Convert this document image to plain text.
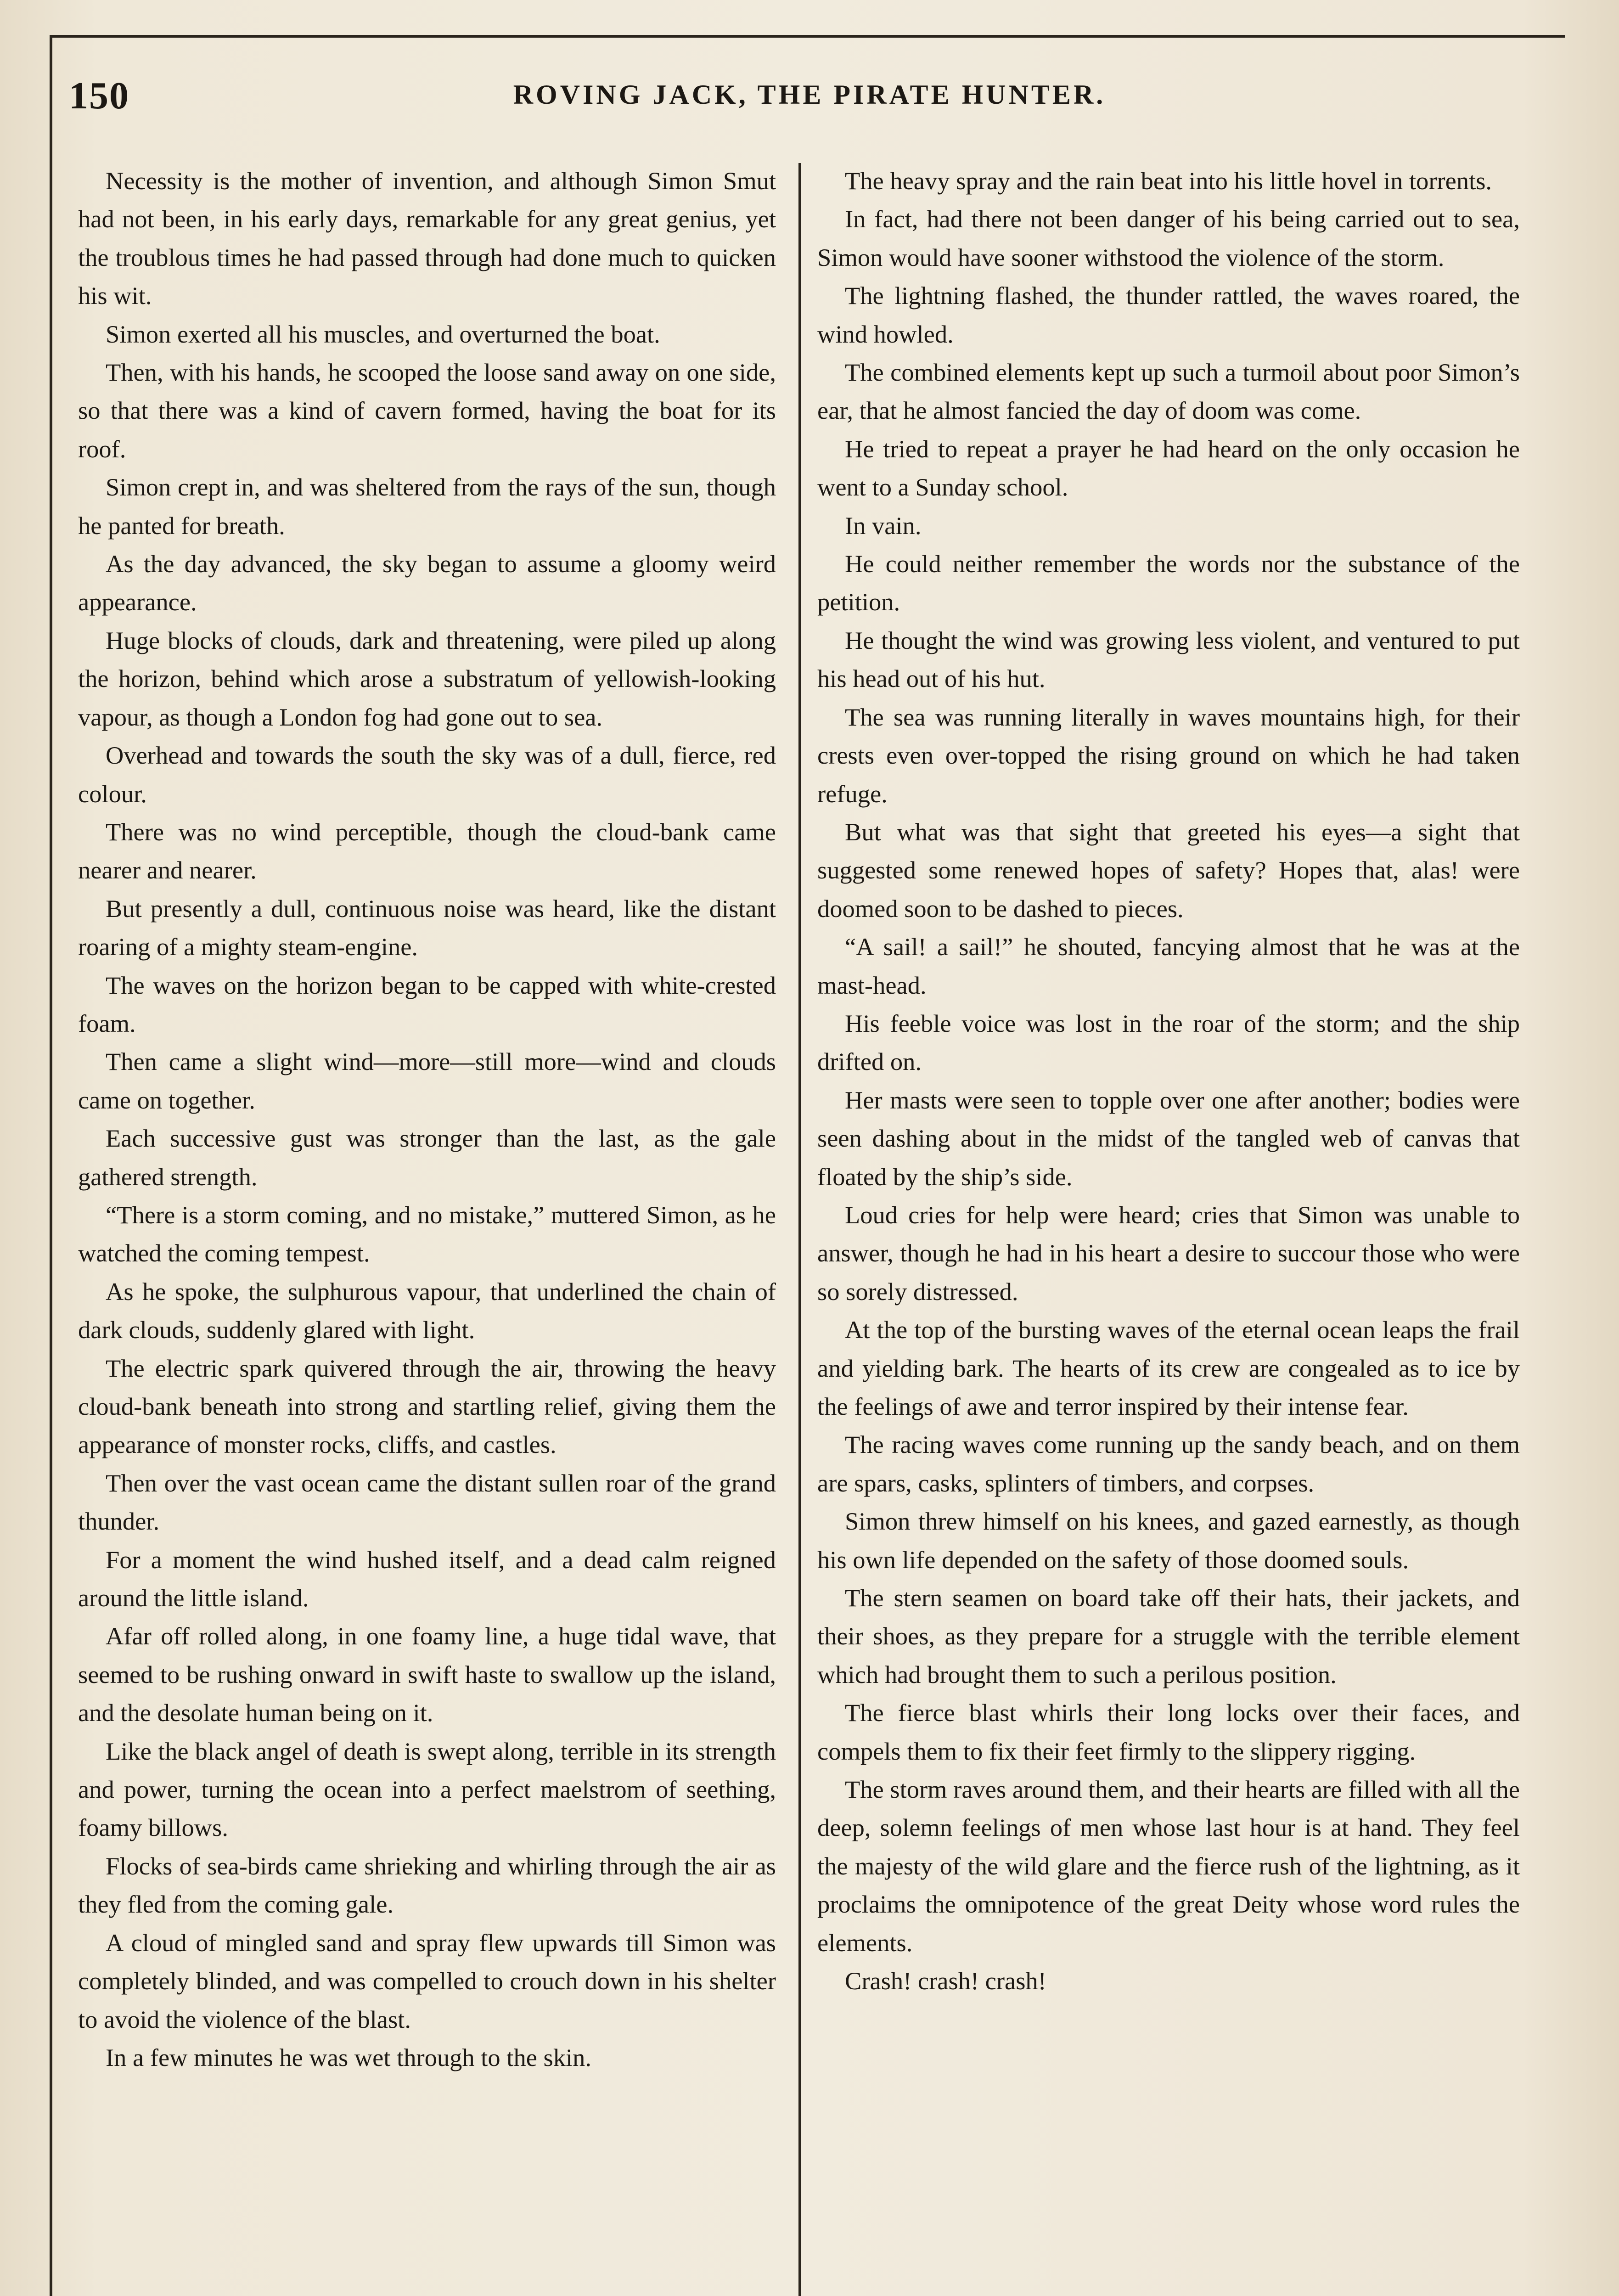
150	ROVING JACK, THE PIRATE HUNTER.

Necessity is the mother of invention, and although Simon Smut had not been, in his early days, remarkable for any great genius, yet the troublous times he had passed through had done much to quicken his wit.

Simon exerted all his muscles, and overturned the boat.

Then, with his hands, he scooped the loose sand away on one side, so that there was a kind of cavern formed, having the boat for its roof.

Simon crept in, and was sheltered from the rays of the sun, though he panted for breath.

As the day advanced, the sky began to assume a gloomy weird appearance.

Huge blocks of clouds, dark and threatening, were piled up along the horizon, behind which arose a substratum of yellowish-looking vapour, as though a London fog had gone out to sea.

Overhead and towards the south the sky was of a dull, fierce, red colour.

There was no wind perceptible, though the cloud-bank came nearer and nearer.

But presently a dull, continuous noise was heard, like the distant roaring of a mighty steam-engine.

The waves on the horizon began to be capped with white-crested foam.

Then came a slight wind—more—still more—wind and clouds came on together.

Each successive gust was stronger than the last, as the gale gathered strength.

“There is a storm coming, and no mistake,” muttered Simon, as he watched the coming tempest.

As he spoke, the sulphurous vapour, that underlined the chain of dark clouds, suddenly glared with light.

The electric spark quivered through the air, throwing the heavy cloud-bank beneath into strong and startling relief, giving them the appearance of monster rocks, cliffs, and castles.

Then over the vast ocean came the distant sullen roar of the grand thunder.

For a moment the wind hushed itself, and a dead calm reigned around the little island.

Afar off rolled along, in one foamy line, a huge tidal wave, that seemed to be rushing onward in swift haste to swallow up the island, and the desolate human being on it.

Like the black angel of death is swept along, terrible in its strength and power, turning the ocean into a perfect maelstrom of seething, foamy billows.

Flocks of sea-birds came shrieking and whirling through the air as they fled from the coming gale.

A cloud of mingled sand and spray flew upwards till Simon was completely blinded, and was compelled to crouch down in his shelter to avoid the violence of the blast.

In a few minutes he was wet through to the skin.

The heavy spray and the rain beat into his little hovel in torrents.

In fact, had there not been danger of his being carried out to sea, Simon would have sooner withstood the violence of the storm.

The lightning flashed, the thunder rattled, the waves roared, the wind howled.

The combined elements kept up such a turmoil about poor Simon’s ear, that he almost fancied the day of doom was come.

He tried to repeat a prayer he had heard on the only occasion he went to a Sunday school.

In vain.

He could neither remember the words nor the substance of the petition.

He thought the wind was growing less violent, and ventured to put his head out of his hut.

The sea was running literally in waves mountains high, for their crests even over-topped the rising ground on which he had taken refuge.

But what was that sight that greeted his eyes—a sight that suggested some renewed hopes of safety? Hopes that, alas! were doomed soon to be dashed to pieces.

“A sail! a sail!” he shouted, fancying almost that he was at the mast-head.

His feeble voice was lost in the roar of the storm; and the ship drifted on.

Her masts were seen to topple over one after another; bodies were seen dashing about in the midst of the tangled web of canvas that floated by the ship’s side.

Loud cries for help were heard; cries that Simon was unable to answer, though he had in his heart a desire to succour those who were so sorely distressed.

At the top of the bursting waves of the eternal ocean leaps the frail and yielding bark. The hearts of its crew are congealed as to ice by the feelings of awe and terror inspired by their intense fear.

The racing waves come running up the sandy beach, and on them are spars, casks, splinters of timbers, and corpses.

Simon threw himself on his knees, and gazed earnestly, as though his own life depended on the safety of those doomed souls.

The stern seamen on board take off their hats, their jackets, and their shoes, as they prepare for a struggle with the terrible element which had brought them to such a perilous position.

The fierce blast whirls their long locks over their faces, and compels them to fix their feet firmly to the slippery rigging.

The storm raves around them, and their hearts are filled with all the deep, solemn feelings of men whose last hour is at hand. They feel the majesty of the wild glare and the fierce rush of the lightning, as it proclaims the omnipotence of the great Deity whose word rules the elements.

Crash! crash! crash!
